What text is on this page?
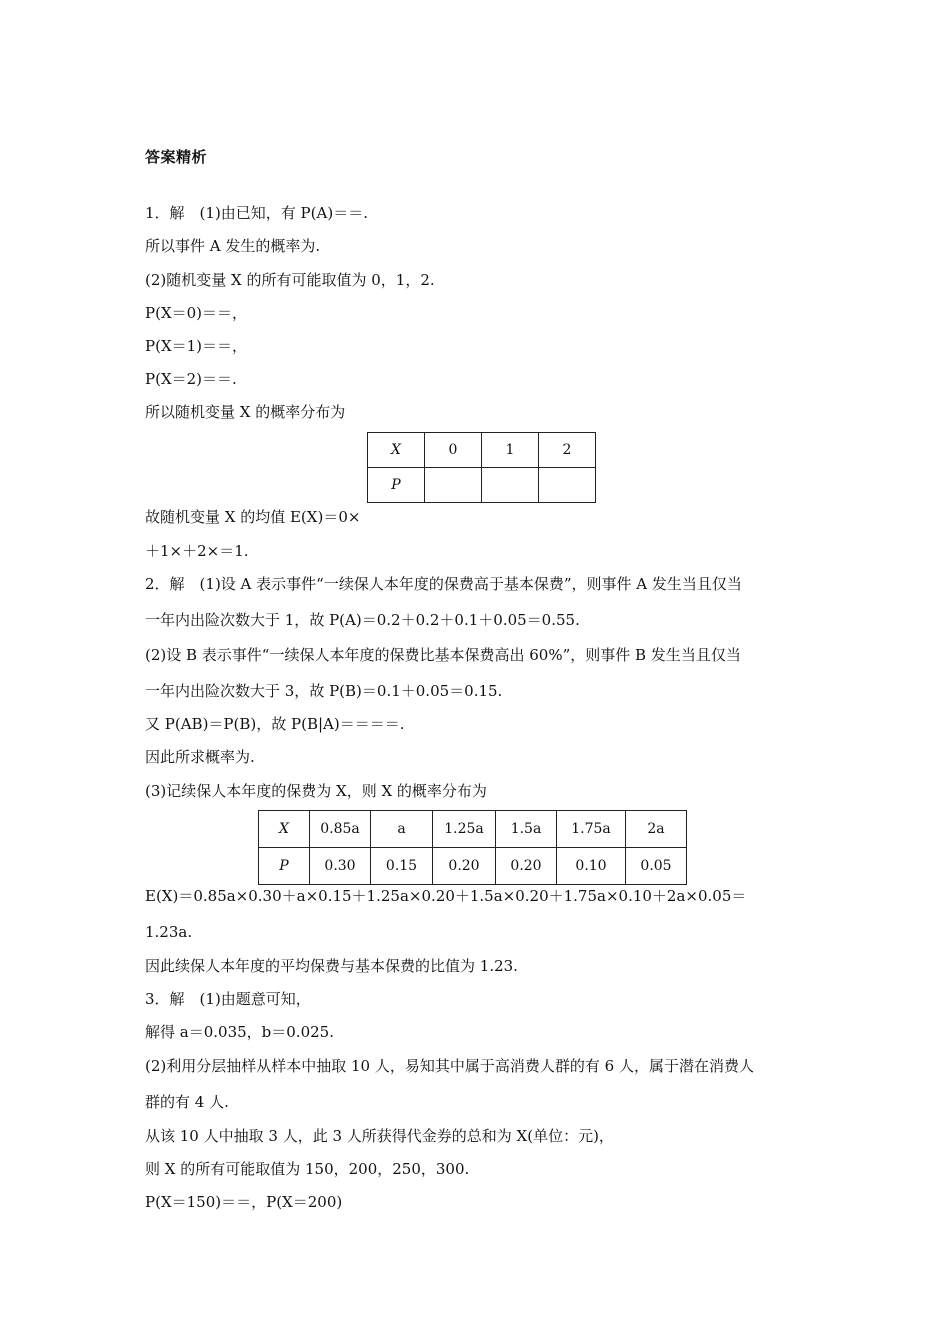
答案精析
1．解　(1)由已知，有 P(A)＝＝.
所以事件 A 发生的概率为.
(2)随机变量 X 的所有可能取值为 0，1，2.
P(X＝0)＝＝，
P(X＝1)＝＝，
P(X＝2)＝＝.
所以随机变量 X 的概率分布为
X	0	1	2
P			
故随机变量 X 的均值 E(X)＝0×
＋1×＋2×＝1.
2．解　(1)设 A 表示事件“一续保人本年度的保费高于基本保费”，则事件 A 发生当且仅当
一年内出险次数大于 1，故 P(A)＝0.2＋0.2＋0.1＋0.05＝0.55.
(2)设 B 表示事件“一续保人本年度的保费比基本保费高出 60%”，则事件 B 发生当且仅当
一年内出险次数大于 3，故 P(B)＝0.1＋0.05＝0.15.
又 P(AB)＝P(B)，故 P(B|A)＝＝＝＝.
因此所求概率为.
(3)记续保人本年度的保费为 X，则 X 的概率分布为
X	0.85a	a	1.25a	1.5a	1.75a	2a
P	0.30	0.15	0.20	0.20	0.10	0.05
E(X)＝0.85a×0.30＋a×0.15＋1.25a×0.20＋1.5a×0.20＋1.75a×0.10＋2a×0.05＝
1.23a.
因此续保人本年度的平均保费与基本保费的比值为 1.23.
3．解　(1)由题意可知，
解得 a＝0.035，b＝0.025.
(2)利用分层抽样从样本中抽取 10 人，易知其中属于高消费人群的有 6 人，属于潜在消费人
群的有 4 人.
从该 10 人中抽取 3 人，此 3 人所获得代金券的总和为 X(单位：元)，
则 X 的所有可能取值为 150，200，250，300.
P(X＝150)＝＝，P(X＝200)
